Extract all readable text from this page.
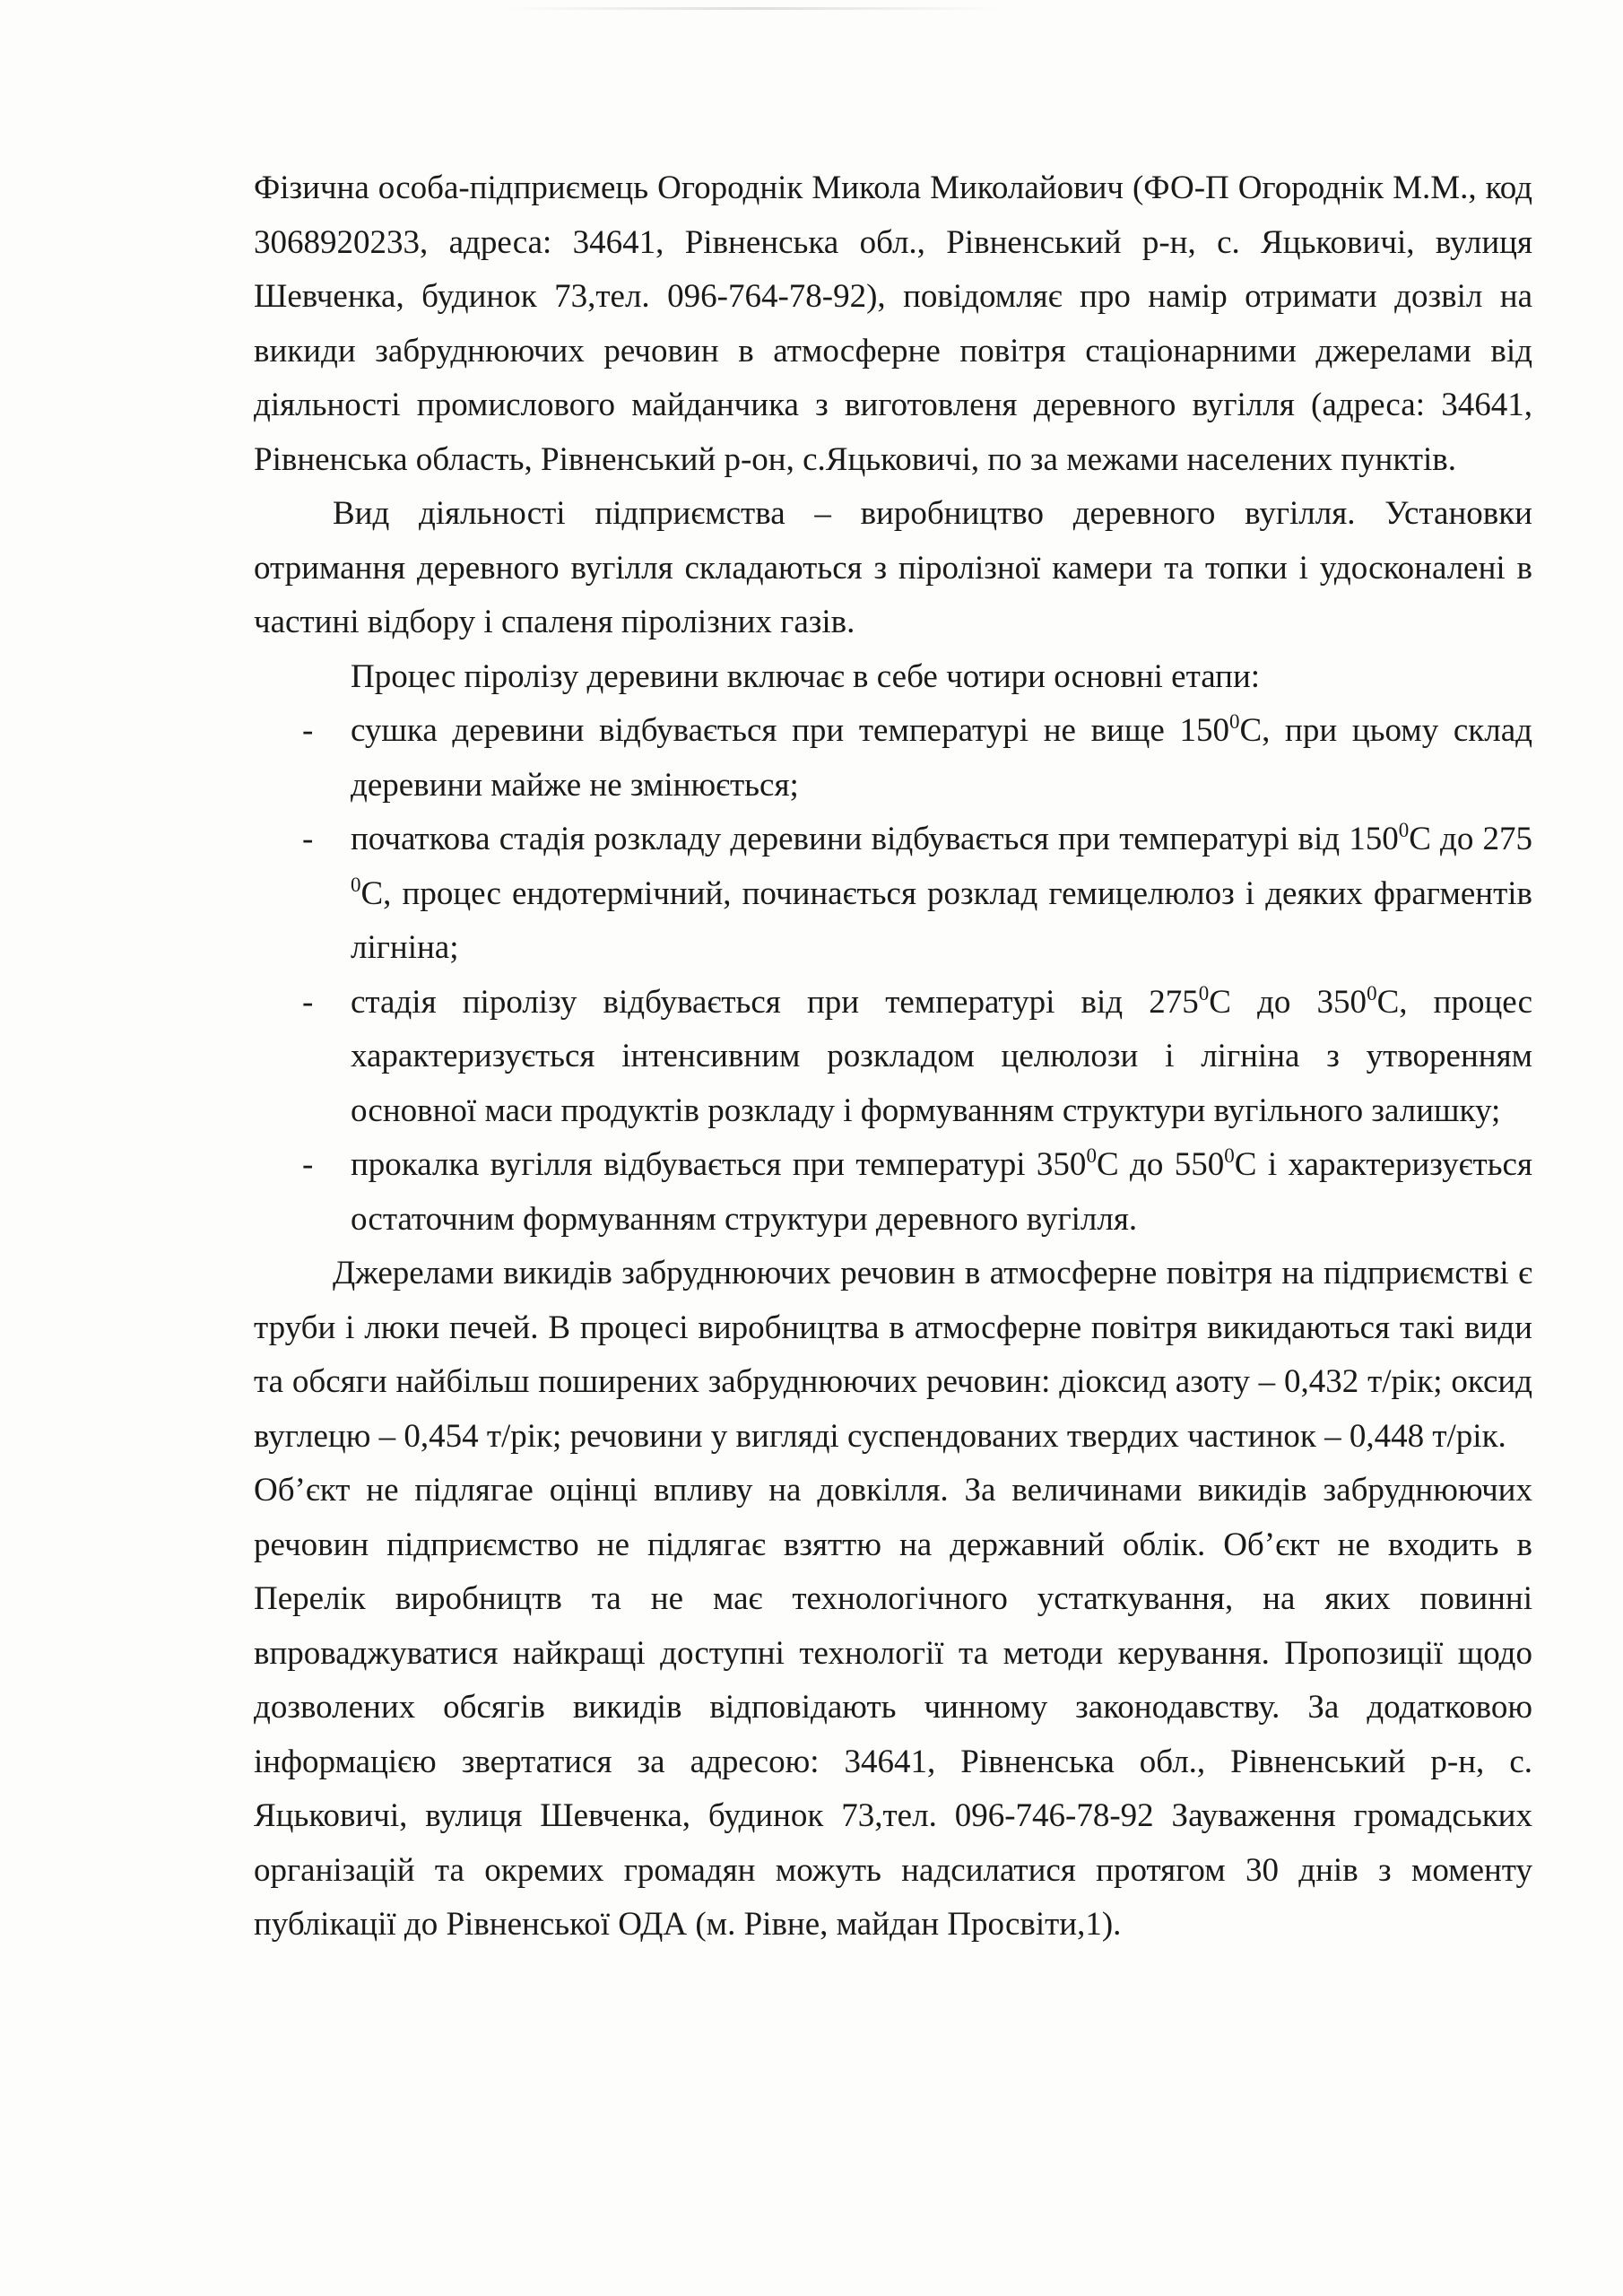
Фізична особа-підприємець Огороднік Микола Миколайович (ФО-П Огороднік М.М., код 3068920233, адреса: 34641, Рівненська обл., Рівненський р-н, с. Яцьковичі, вулиця Шевченка, будинок 73,тел. 096-764-78-92), повідомляє про намір отримати дозвіл на викиди забруднюючих речовин в атмосферне повітря стаціонарними джерелами від діяльності промислового майданчика з виготовленя деревного вугілля (адреса: 34641, Рівненська область, Рівненський р-он, с.Яцьковичі, по за межами населених пунктів.

Вид діяльності підприємства – виробництво деревного вугілля. Установки отримання деревного вугілля складаються з піролізної камери та топки і удосконалені в частині відбору і спаленя піролізних газів.

Процес піролізу деревини включає в себе чотири основні етапи:

- сушка деревини відбувається при температурі не вище $150^0С$, при цьому склад деревини майже не змінюється;
- початкова стадія розкладу деревини відбувається при температурі від $150^0С$ до 275 $^0$С, процес ендотермічний, починається розклад гемицелюлоз і деяких фрагментів лігніна;
- стадія піролізу відбувається при температурі від $275^0С$ до $350^0С$, процес характеризується інтенсивним розкладом целюлози і лігніна з утворенням основної маси продуктів розкладу і формуванням структури вугільного залишку;
- прокалка вугілля відбувається при температурі $350^0С$ до $550^0С$ і характеризується остаточним формуванням структури деревного вугілля.

Джерелами викидів забруднюючих речовин в атмосферне повітря на підприємстві є труби і люки печей. В процесі виробництва в атмосферне повітря викидаються такі види та обсяги найбільш поширених забруднюючих речовин: діоксид азоту – 0,432 т/рік; оксид вуглецю – 0,454 т/рік; речовини у вигляді суспендованих твердих частинок – 0,448 т/рік.

Об’єкт не підлягае оцінці впливу на довкілля. За величинами викидів забруднюючих речовин підприємство не підлягає взяттю на державний облік. Об’єкт не входить в Перелік виробництв та не має технологічного устаткування, на яких повинні впроваджуватися найкращі доступні технології та методи керування. Пропозиції щодо дозволених обсягів викидів відповідають чинному законодавству. За додатковою інформацією звертатися за адресою: 34641, Рівненська обл., Рівненський р-н, с. Яцьковичі, вулиця Шевченка, будинок 73,тел. 096-746-78-92 Зауваження громадських організацій та окремих громадян можуть надсилатися протягом 30 днів з моменту публікації до Рівненської ОДА (м. Рівне, майдан Просвіти,1).
